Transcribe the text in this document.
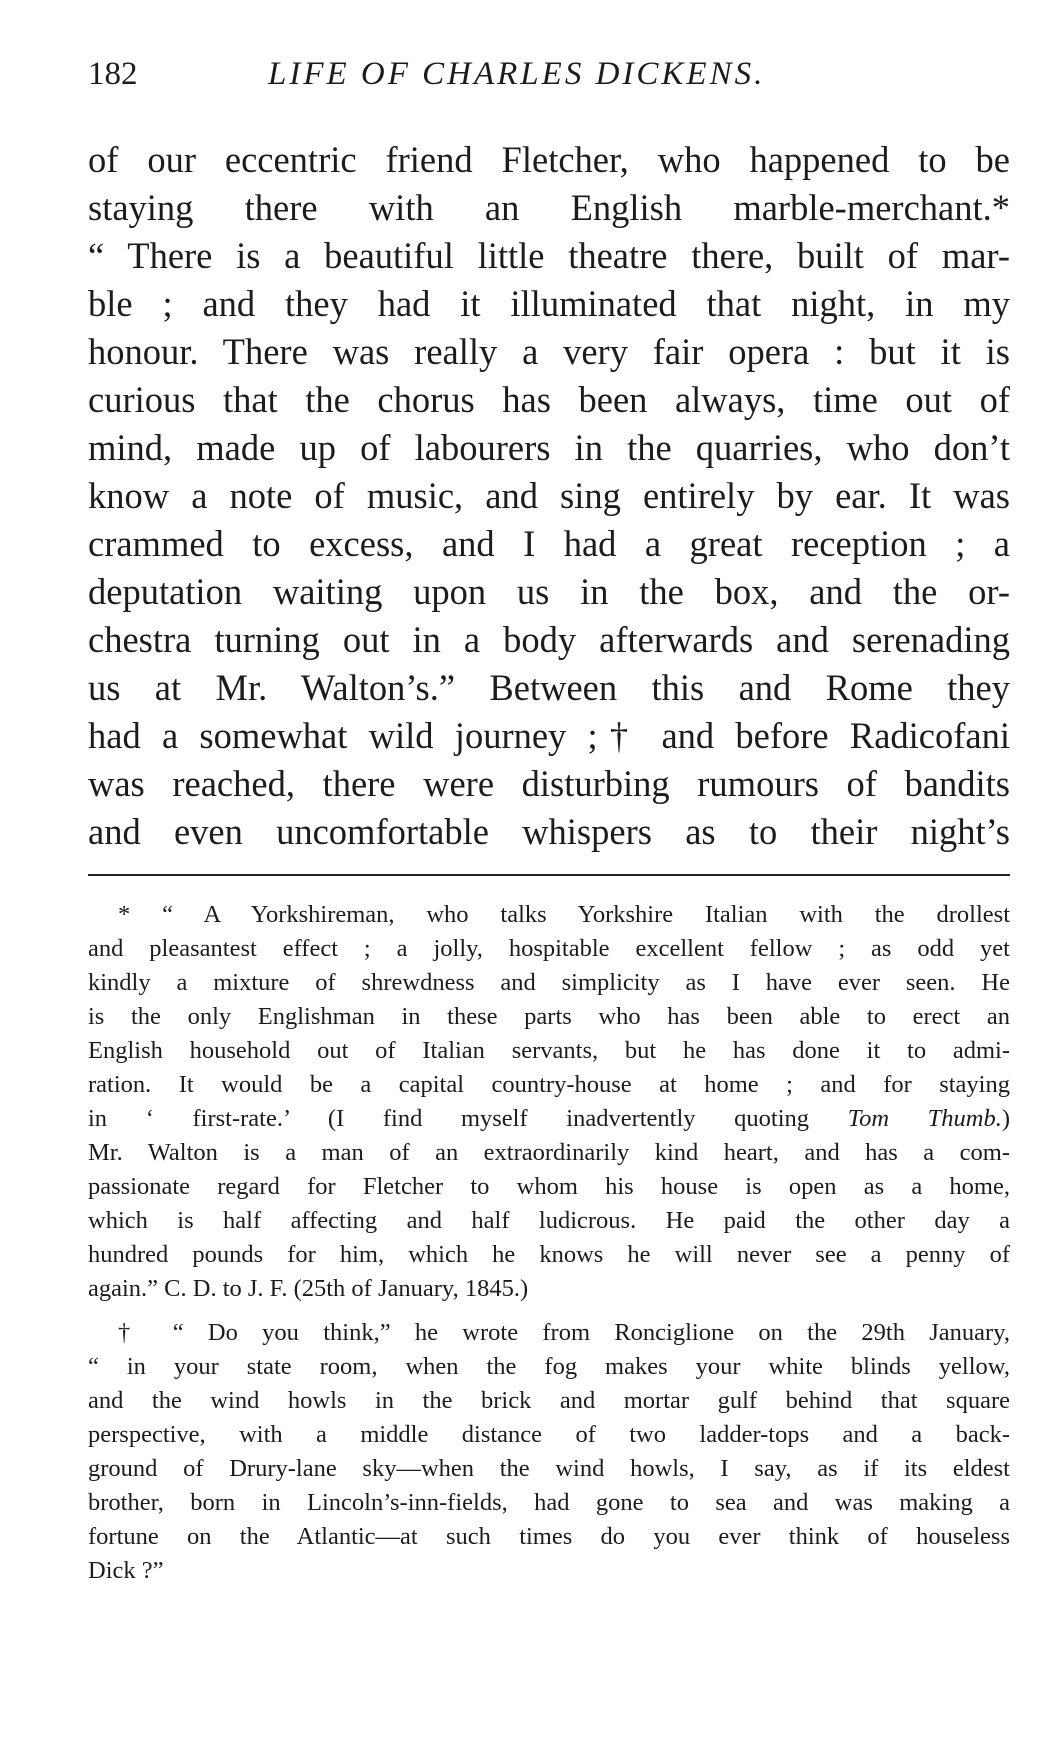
182	LIFE OF CHARLES DICKENS.
of our eccentric friend Fletcher, who happened to be
staying there with an English marble-merchant.*
“ There is a beautiful little theatre there, built of mar-
ble ; and they had it illuminated that night, in my
honour. There was really a very fair opera : but it is
curious that the chorus has been always, time out of
mind, made up of labourers in the quarries, who don’t
know a note of music, and sing entirely by ear. It was
crammed to excess, and I had a great reception ; a
deputation waiting upon us in the box, and the or-
chestra turning out in a body afterwards and serenading
us at Mr. Walton’s.” Between this and Rome they
had a somewhat wild journey ;† and before Radicofani
was reached, there were disturbing rumours of bandits
and even uncomfortable whispers as to their night’s
* “ A Yorkshireman, who talks Yorkshire Italian with the drollest
and pleasantest effect ; a jolly, hospitable excellent fellow ; as odd yet
kindly a mixture of shrewdness and simplicity as I have ever seen. He
is the only Englishman in these parts who has been able to erect an
English household out of Italian servants, but he has done it to admi-
ration. It would be a capital country-house at home ; and for staying
in ‘ first-rate.’ (I find myself inadvertently quoting Tom Thumb.)
Mr. Walton is a man of an extraordinarily kind heart, and has a com-
passionate regard for Fletcher to whom his house is open as a home,
which is half affecting and half ludicrous. He paid the other day a
hundred pounds for him, which he knows he will never see a penny of
again.” C. D. to J. F. (25th of January, 1845.)
† “ Do you think,” he wrote from Ronciglione on the 29th January,
“ in your state room, when the fog makes your white blinds yellow,
and the wind howls in the brick and mortar gulf behind that square
perspective, with a middle distance of two ladder-tops and a back-
ground of Drury-lane sky—when the wind howls, I say, as if its eldest
brother, born in Lincoln’s-inn-fields, had gone to sea and was making a
fortune on the Atlantic—at such times do you ever think of houseless
Dick ?”
